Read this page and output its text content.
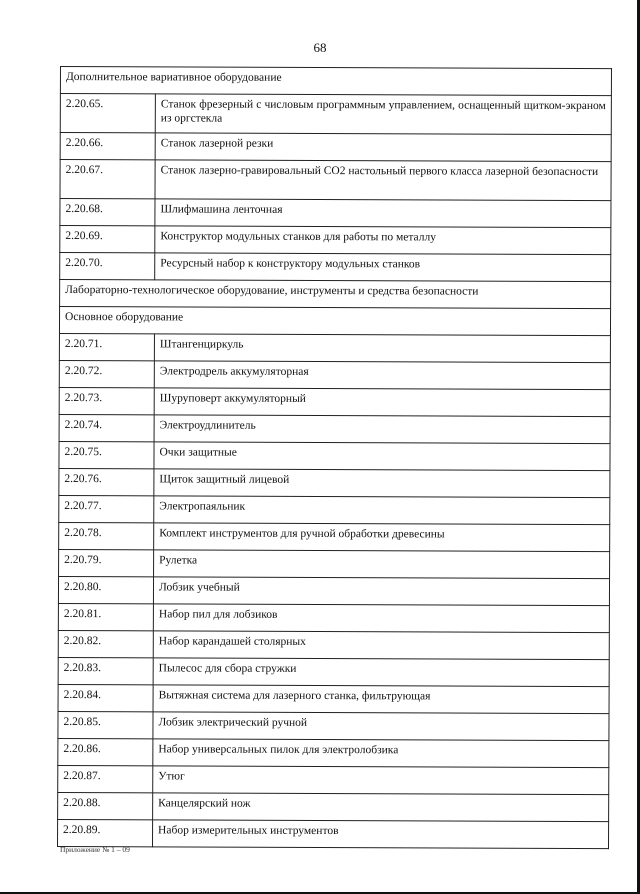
68
Дополнительное вариативное оборудование	
2.20.65.	Станок фрезерный с числовым программным управлением, оснащенный щитком-экраном из оргстекла
2.20.66.	Станок лазерной резки
2.20.67.	Станок лазерно-гравировальный CO2 настольный первого класса лазерной безопасности
2.20.68.	Шлифмашина ленточная
2.20.69.	Конструктор модульных станков для работы по металлу
2.20.70.	Ресурсный набор к конструктору модульных станков
Лабораторно-технологическое оборудование, инструменты и средства безопасности	
Основное оборудование	
2.20.71.	Штангенциркуль
2.20.72.	Электродрель аккумуляторная
2.20.73.	Шуруповерт аккумуляторный
2.20.74.	Электроудлинитель
2.20.75.	Очки защитные
2.20.76.	Щиток защитный лицевой
2.20.77.	Электропаяльник
2.20.78.	Комплект инструментов для ручной обработки древесины
2.20.79.	Рулетка
2.20.80.	Лобзик учебный
2.20.81.	Набор пил для лобзиков
2.20.82.	Набор карандашей столярных
2.20.83.	Пылесос для сбора стружки
2.20.84.	Вытяжная система для лазерного станка, фильтрующая
2.20.85.	Лобзик электрический ручной
2.20.86.	Набор универсальных пилок для электролобзика
2.20.87.	Утюг
2.20.88.	Канцелярский нож
2.20.89.	Набор измерительных инструментов
Приложение № 1 – 09
